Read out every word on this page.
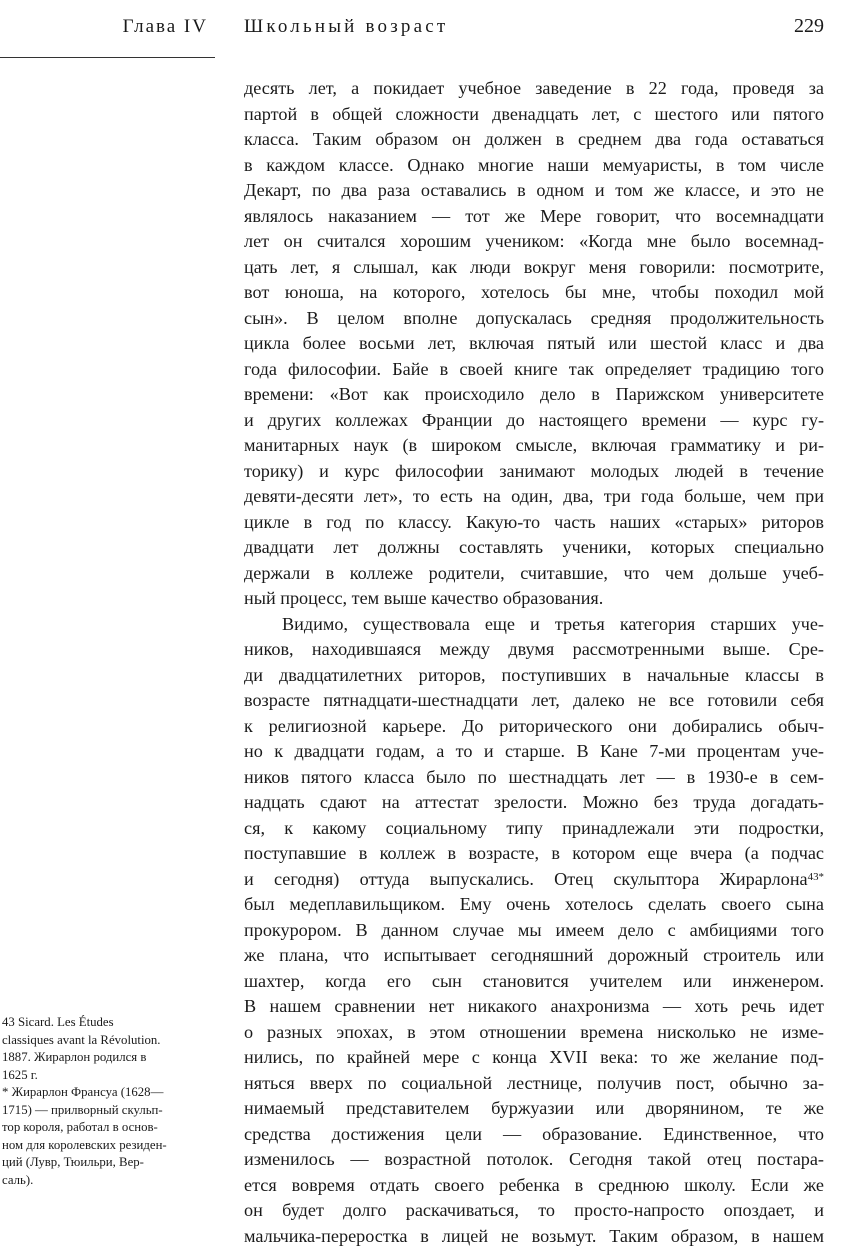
Глава IV Школьный возраст	229
десять лет, а покидает учебное заведение в 22 года, проведя за
партой в общей сложности двенадцать лет, с шестого или пятого
класса. Таким образом он должен в среднем два года оставаться
в каждом классе. Однако многие наши мемуаристы, в том числе
Декарт, по два раза оставались в одном и том же классе, и это не
являлось наказанием — тот же Мере говорит, что восемнадцати
лет он считался хорошим учеником: «Когда мне было восемнад-
цать лет, я слышал, как люди вокруг меня говорили: посмотрите,
вот юноша, на которого, хотелось бы мне, чтобы походил мой
сын». В целом вполне допускалась средняя продолжительность
цикла более восьми лет, включая пятый или шестой класс и два
года философии. Байе в своей книге так определяет традицию того
времени: «Вот как происходило дело в Парижском университете
и других коллежах Франции до настоящего времени — курс гу-
манитарных наук (в широком смысле, включая грамматику и ри-
торику) и курс философии занимают молодых людей в течение
девяти-десяти лет», то есть на один, два, три года больше, чем при
цикле в год по классу. Какую-то часть наших «старых» риторов
двадцати лет должны составлять ученики, которых специально
держали в коллеже родители, считавшие, что чем дольше учеб-
ный процесс, тем выше качество образования.
Видимо, существовала еще и третья категория старших уче-
ников, находившаяся между двумя рассмотренными выше. Сре-
ди двадцатилетних риторов, поступивших в начальные классы в
возрасте пятнадцати-шестнадцати лет, далеко не все готовили себя
к религиозной карьере. До риторического они добирались обыч-
но к двадцати годам, а то и старше. В Кане 7-ми процентам уче-
ников пятого класса было по шестнадцать лет — в 1930-е в сем-
надцать сдают на аттестат зрелости. Можно без труда догадать-
ся, к какому социальному типу принадлежали эти подростки,
поступавшие в коллеж в возрасте, в котором еще вчера (а подчас
и сегодня) оттуда выпускались. Отец скульптора Жирарлона$^{43*}$
был медеплавильщиком. Ему очень хотелось сделать своего сына
прокурором. В данном случае мы имеем дело с амбициями того
же плана, что испытывает сегодняшний дорожный строитель или
шахтер, когда его сын становится учителем или инженером.
В нашем сравнении нет никакого анахронизма — хоть речь идет
о разных эпохах, в этом отношении времена нисколько не изме-
нились, по крайней мере с конца XVII века: то же желание под-
няться вверх по социальной лестнице, получив пост, обычно за-
нимаемый представителем буржуазии или дворянином, те же
средства достижения цели — образование. Единственное, что
изменилось — возрастной потолок. Сегодня такой отец постара-
ется вовремя отдать своего ребенка в среднюю школу. Если же
он будет долго раскачиваться, то просто-напросто опоздает, и
мальчика-переростка в лицей не возьмут. Таким образом, в нашем
43 Sicard. Les Études
classiques avant la Révolution.
1887. Жирарлон родился в
1625 г.
* Жирарлон Франсуа (1628—
1715) — прилворный скульп-
тор короля, работал в основ-
ном для королевских резиден-
ций (Лувр, Тюильри, Вер-
саль).
